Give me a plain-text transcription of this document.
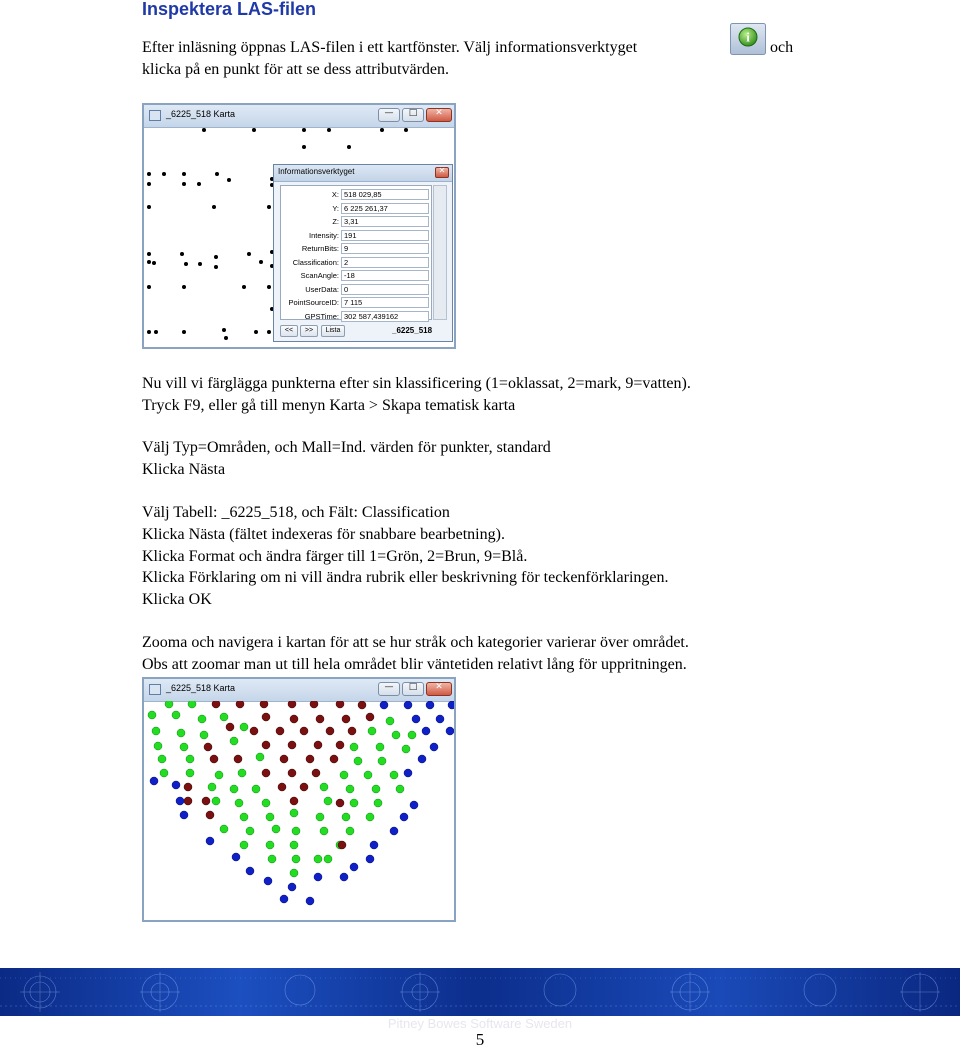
Inspektera LAS-filen
Efter inläsning öppnas LAS-filen i ett kartfönster. Välj informationsverktyget
i
och
klicka på en punkt för att se dess attributvärden.
_6225_518 Karta	—	□	✕
Informationsverktyget	✕
X: 518 029,85
Y: 6 225 261,37
Z: 3,31
Intensity: 191
ReturnBits: 9
Classification: 2
ScanAngle: -18
UserData: 0
PointSourceID: 7 115
GPSTime: 302 587,439162
<<	>>	Lista	_6225_518
Nu vill vi färglägga punkterna efter sin klassificering (1=oklassat, 2=mark, 9=vatten).
Tryck F9, eller gå till menyn Karta > Skapa tematisk karta
Välj Typ=Områden, och Mall=Ind. värden för punkter, standard
Klicka Nästa
Välj Tabell: _6225_518, och Fält: Classification
Klicka Nästa (fältet indexeras för snabbare bearbetning).
Klicka Format och ändra färger till 1=Grön, 2=Brun, 9=Blå.
Klicka Förklaring om ni vill ändra rubrik eller beskrivning för teckenförklaringen.
Klicka OK
Zooma och navigera i kartan för att se hur stråk och kategorier varierar över området.
Obs att zoomar man ut till hela området blir väntetiden relativt lång för uppritningen.
_6225_518 Karta	—	□	✕
Pitney Bowes Software Sweden
5
